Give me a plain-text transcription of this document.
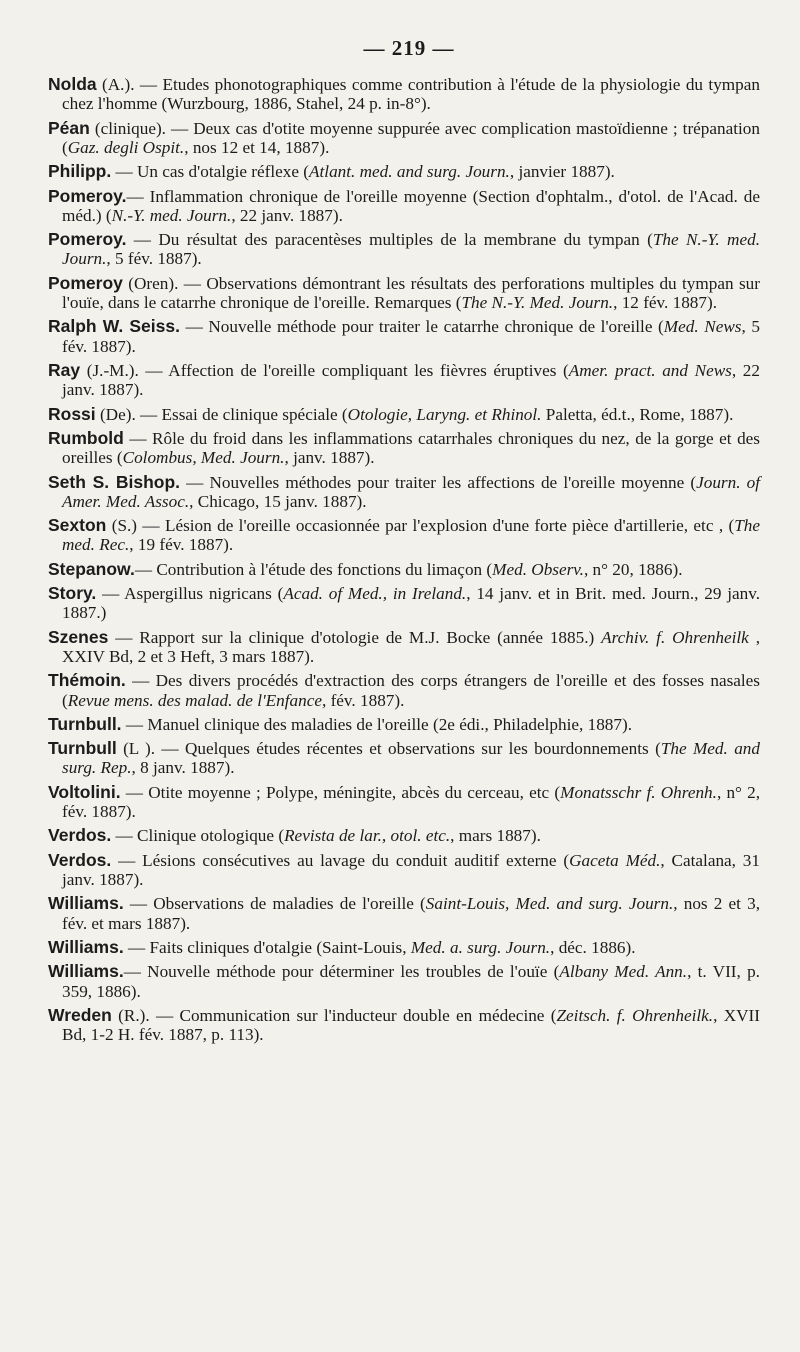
— 219 —

Nolda (A.). — Etudes phonotographiques comme contribution à l'étude de la physiologie du tympan chez l'homme (Wurzbourg, 1886, Stahel, 24 p. in-8°).

Péan (clinique). — Deux cas d'otite moyenne suppurée avec complication mastoïdienne ; trépanation (Gaz. degli Ospit., nos 12 et 14, 1887).

Philipp. — Un cas d'otalgie réflexe (Atlant. med. and surg. Journ., janvier 1887).

Pomeroy.— Inflammation chronique de l'oreille moyenne (Section d'ophtalm., d'otol. de l'Acad. de méd.) (N.-Y. med. Journ., 22 janv. 1887).

Pomeroy. — Du résultat des paracentèses multiples de la membrane du tympan (The N.-Y. med. Journ., 5 fév. 1887).

Pomeroy (Oren). — Observations démontrant les résultats des perforations multiples du tympan sur l'ouïe, dans le catarrhe chronique de l'oreille. Remarques (The N.-Y. Med. Journ., 12 fév. 1887).

Ralph W. Seiss. — Nouvelle méthode pour traiter le catarrhe chronique de l'oreille (Med. News, 5 fév. 1887).

Ray (J.-M.). — Affection de l'oreille compliquant les fièvres éruptives (Amer. pract. and News, 22 janv. 1887).

Rossi (De). — Essai de clinique spéciale (Otologie, Laryng. et Rhinol. Paletta, éd.t., Rome, 1887).

Rumbold — Rôle du froid dans les inflammations catarrhales chroniques du nez, de la gorge et des oreilles (Colombus, Med. Journ., janv. 1887).

Seth S. Bishop. — Nouvelles méthodes pour traiter les affections de l'oreille moyenne (Journ. of Amer. Med. Assoc., Chicago, 15 janv. 1887).

Sexton (S.) — Lésion de l'oreille occasionnée par l'explosion d'une forte pièce d'artillerie, etc , (The med. Rec., 19 fév. 1887).

Stepanow.— Contribution à l'étude des fonctions du limaçon (Med. Observ., n° 20, 1886).

Story. — Aspergillus nigricans (Acad. of Med., in Ireland., 14 janv. et in Brit. med. Journ., 29 janv. 1887.)

Szenes — Rapport sur la clinique d'otologie de M.J. Bocke (année 1885.) Archiv. f. Ohrenheilk , XXIV Bd, 2 et 3 Heft, 3 mars 1887).

Thémoin. — Des divers procédés d'extraction des corps étrangers de l'oreille et des fosses nasales (Revue mens. des malad. de l'Enfance, fév. 1887).

Turnbull. — Manuel clinique des maladies de l'oreille (2e édi., Philadelphie, 1887).

Turnbull (L ). — Quelques études récentes et observations sur les bourdonnements (The Med. and surg. Rep., 8 janv. 1887).

Voltolini. — Otite moyenne ; Polype, méningite, abcès du cerceau, etc (Monatsschr f. Ohrenh., n° 2, fév. 1887).

Verdos. — Clinique otologique (Revista de lar., otol. etc., mars 1887).

Verdos. — Lésions consécutives au lavage du conduit auditif externe (Gaceta Méd., Catalana, 31 janv. 1887).

Williams. — Observations de maladies de l'oreille (Saint-Louis, Med. and surg. Journ., nos 2 et 3, fév. et mars 1887).

Williams. — Faits cliniques d'otalgie (Saint-Louis, Med. a. surg. Journ., déc. 1886).

Williams.— Nouvelle méthode pour déterminer les troubles de l'ouïe (Albany Med. Ann., t. VII, p. 359, 1886).

Wreden (R.). — Communication sur l'inducteur double en médecine (Zeitsch. f. Ohrenheilk., XVII Bd, 1-2 H. fév. 1887, p. 113).
